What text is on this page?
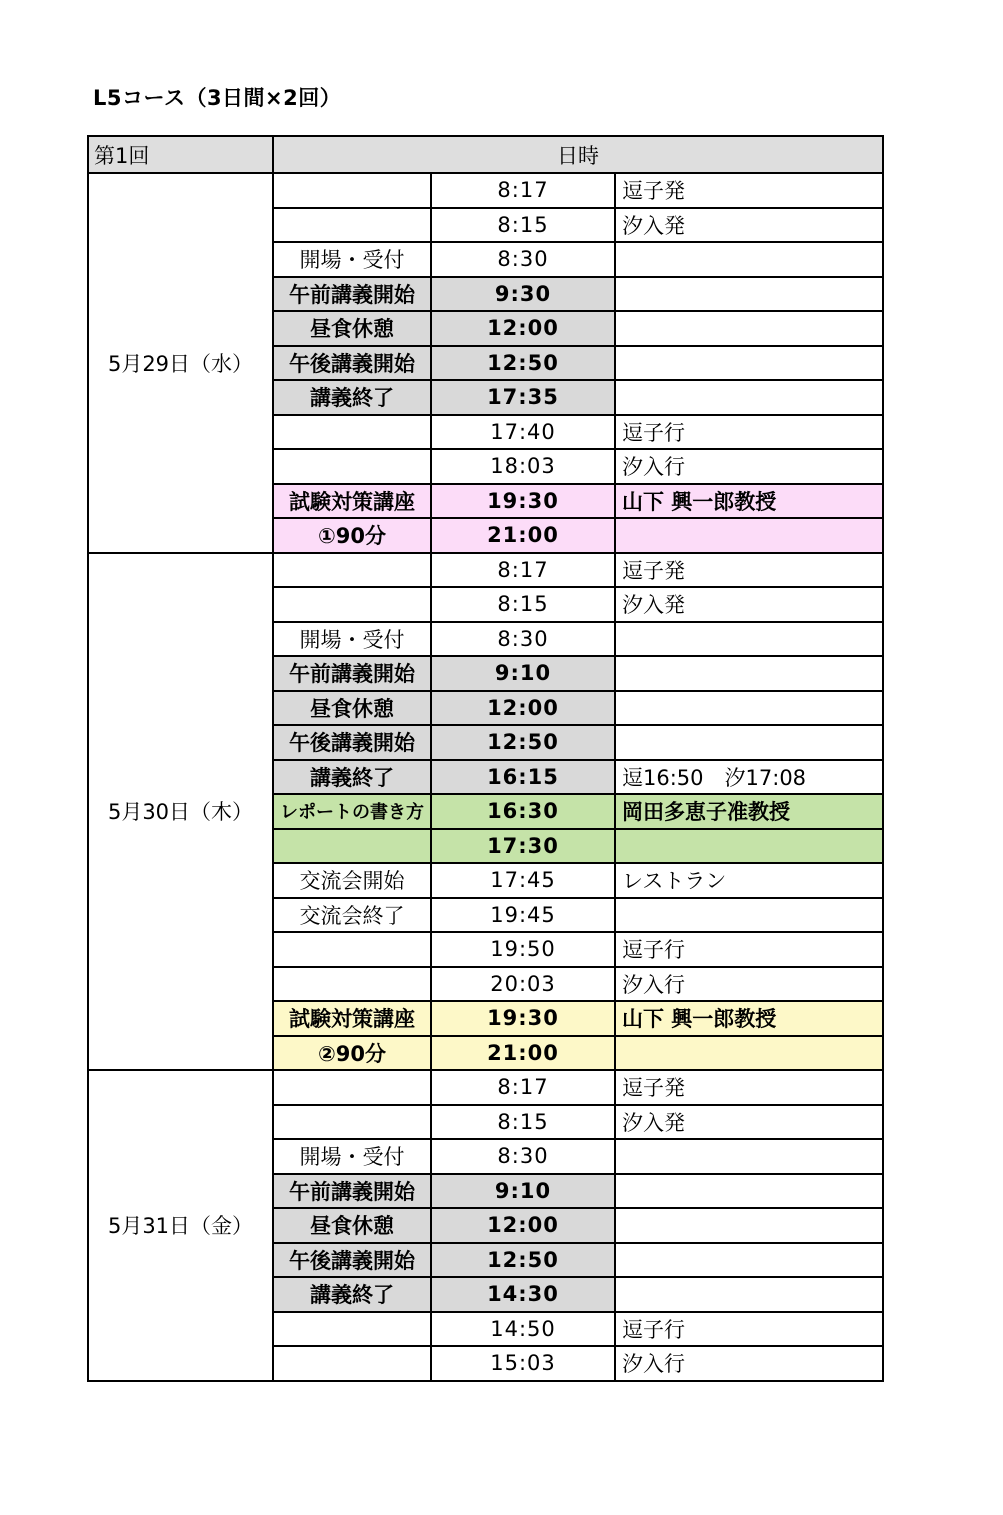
L5コース（3日間×2回）
第1回	日時		
5月29日（水）		8:17	逗子発
		8:15	汐入発
	開場・受付	8:30	
	午前講義開始	9:30	
	昼食休憩	12:00	
	午後講義開始	12:50	
	講義終了	17:35	
		17:40	逗子行
		18:03	汐入行
	試験対策講座	19:30	山下 興一郎教授
	①90分	21:00	
5月30日（木）		8:17	逗子発
		8:15	汐入発
	開場・受付	8:30	
	午前講義開始	9:10	
	昼食休憩	12:00	
	午後講義開始	12:50	
	講義終了	16:15	逗16:50　汐17:08
	レポートの書き方	16:30	岡田多恵子准教授
		17:30	
	交流会開始	17:45	レストラン
	交流会終了	19:45	
		19:50	逗子行
		20:03	汐入行
	試験対策講座	19:30	山下 興一郎教授
	②90分	21:00	
5月31日（金）		8:17	逗子発
		8:15	汐入発
	開場・受付	8:30	
	午前講義開始	9:10	
	昼食休憩	12:00	
	午後講義開始	12:50	
	講義終了	14:30	
		14:50	逗子行
		15:03	汐入行
